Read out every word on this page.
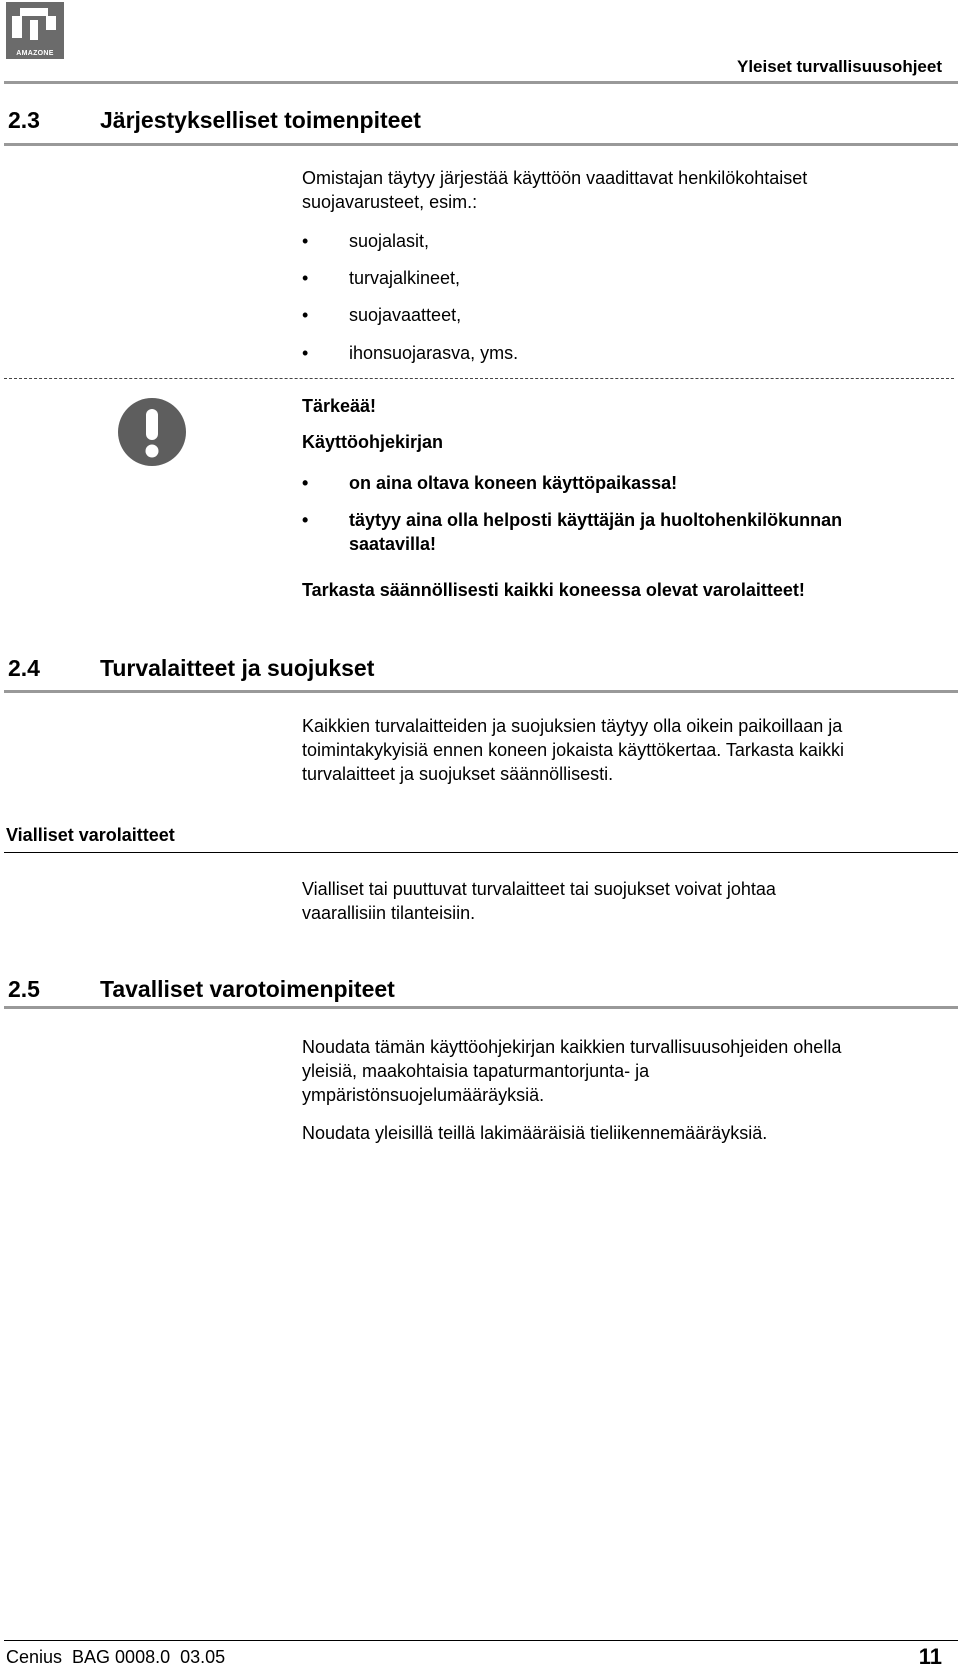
AMAZONE
Yleiset turvallisuusohjeet
2.3	Järjestykselliset toimenpiteet
Omistajan täytyy järjestää käyttöön vaadittavat henkilökohtaiset
suojavarusteet, esim.:
• suojalasit,
• turvajalkineet,
• suojavaatteet,
• ihonsuojarasva, yms.
Tärkeää!
Käyttöohjekirjan
• on aina oltava koneen käyttöpaikassa!
• täytyy aina olla helposti käyttäjän ja huoltohenkilökunnan
saatavilla!
Tarkasta säännöllisesti kaikki koneessa olevat varolaitteet!
2.4	Turvalaitteet ja suojukset
Kaikkien turvalaitteiden ja suojuksien täytyy olla oikein paikoillaan ja
toimintakykyisiä ennen koneen jokaista käyttökertaa. Tarkasta kaikki
turvalaitteet ja suojukset säännöllisesti.
Vialliset varolaitteet
Vialliset tai puuttuvat turvalaitteet tai suojukset voivat johtaa
vaarallisiin tilanteisiin.
2.5	Tavalliset varotoimenpiteet
Noudata tämän käyttöohjekirjan kaikkien turvallisuusohjeiden ohella
yleisiä, maakohtaisia tapaturmantorjunta- ja
ympäristönsuojelumääräyksiä.
Noudata yleisillä teillä lakimääräisiä tieliikennemääräyksiä.
Cenius  BAG 0008.0  03.05	11
